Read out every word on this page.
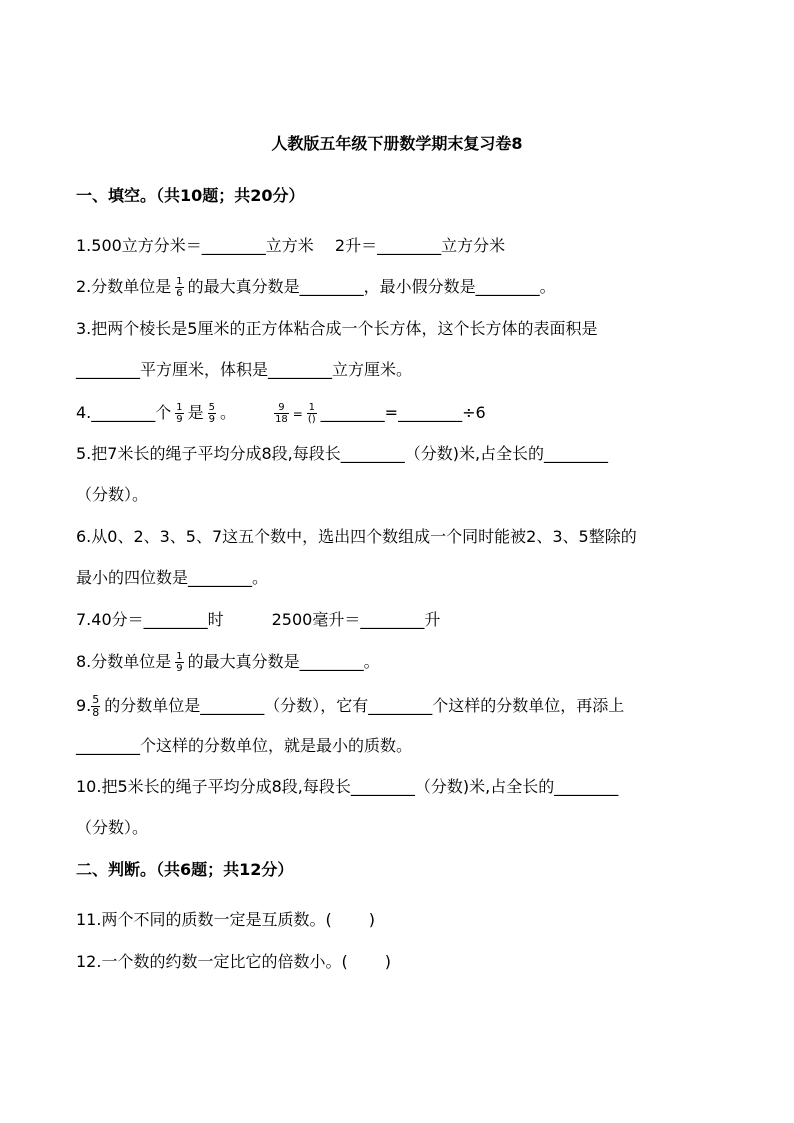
人教版五年级下册数学期末复习卷8
一、填空。（共10题；共20分）
1.500立方分米＝________立方米　 2升＝________立方分米
2.分数单位是 $\frac{1}{6}$ 的最大真分数是________，最小假分数是________。
3.把两个棱长是5厘米的正方体粘合成一个长方体，这个长方体的表面积是
________平方厘米，体积是________立方厘米。
4.________个 $\frac{1}{9}$ 是 $\frac{5}{9}$ 。	$\frac{9}{18} = 1$
() ________=________÷6
5.把7米长的绳子平均分成8段,每段长________（分数)米,占全长的________
（分数）。
6.从0、2、3、5、7这五个数中，选出四个数组成一个同时能被2、3、5整除的
最小的四位数是________。
7.40分＝________时　　　2500毫升＝________升
8.分数单位是 $\frac{1}{9}$ 的最大真分数是________。
9. $\frac{5}{8}$ 的分数单位是________（分数），它有________个这样的分数单位，再添上
________个这样的分数单位，就是最小的质数。
10.把5米长的绳子平均分成8段,每段长________（分数)米,占全长的________
（分数）。
二、判断。（共6题；共12分）
11.两个不同的质数一定是互质数。(　　 )
12.一个数的约数一定比它的倍数小。(　　 )
